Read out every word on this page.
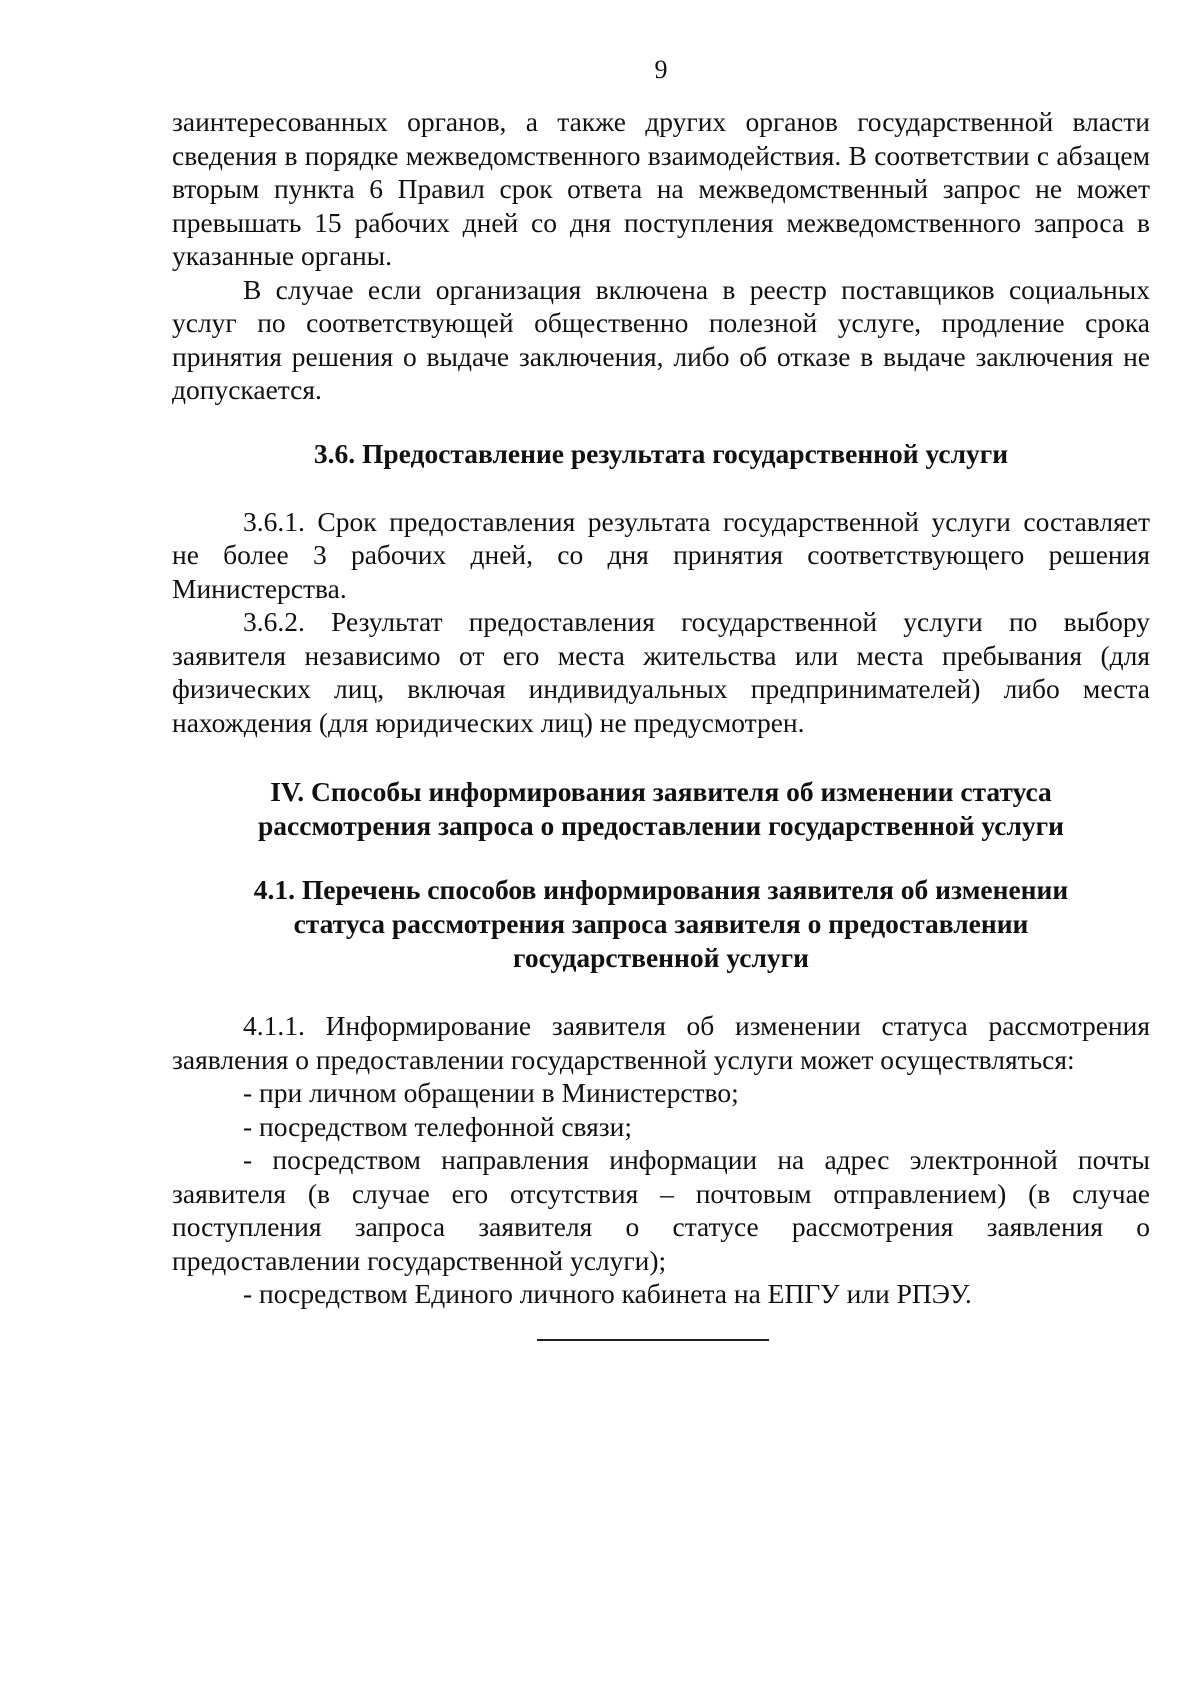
9

заинтересованных органов, а также других органов государственной власти сведения в порядке межведомственного взаимодействия. В соответствии с абзацем вторым пункта 6 Правил срок ответа на межведомственный запрос не может превышать 15 рабочих дней со дня поступления межведомственного запроса в указанные органы.

В случае если организация включена в реестр поставщиков социальных услуг по соответствующей общественно полезной услуге, продление срока принятия решения о выдаче заключения, либо об отказе в выдаче заключения не допускается.

3.6. Предоставление результата государственной услуги

3.6.1. Срок предоставления результата государственной услуги составляет не более 3 рабочих дней, со дня принятия соответствующего решения Министерства.

3.6.2. Результат предоставления государственной услуги по выбору заявителя независимо от его места жительства или места пребывания (для физических лиц, включая индивидуальных предпринимателей) либо места нахождения (для юридических лиц) не предусмотрен.

IV. Способы информирования заявителя об изменении статуса
рассмотрения запроса о предоставлении государственной услуги
4.1. Перечень способов информирования заявителя об изменении
статуса рассмотрения запроса заявителя о предоставлении
государственной услуги

4.1.1. Информирование заявителя об изменении статуса рассмотрения заявления о предоставлении государственной услуги может осуществляться:

- при личном обращении в Министерство;

- посредством телефонной связи;

- посредством направления информации на адрес электронной почты заявителя (в случае его отсутствия – почтовым отправлением) (в случае поступления запроса заявителя о статусе рассмотрения заявления о предоставлении государственной услуги);

- посредством Единого личного кабинета на ЕПГУ или РПЭУ.
